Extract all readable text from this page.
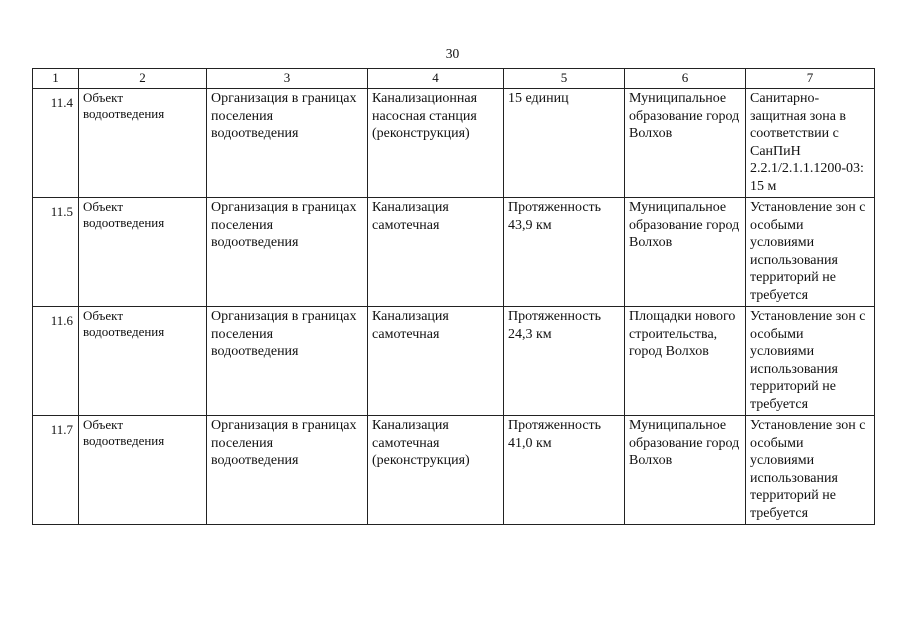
30
1	2	3	4	5	6	7
11.4	Объект водоотведения	Организация в границах поселения водоотведения	Канализационная насосная станция (реконструкция)	15 единиц	Муниципальное образование город Волхов	Санитарно-защитная зона в соответствии с СанПиН 2.2.1/2.1.1.1200-03: 15 м
11.5	Объект водоотведения	Организация в границах поселения водоотведения	Канализация самотечная	Протяженность 43,9 км	Муниципальное образование город Волхов	Установление зон с особыми условиями использования территорий не требуется
11.6	Объект водоотведения	Организация в границах поселения водоотведения	Канализация самотечная	Протяженность 24,3 км	Площадки нового строительства, город Волхов	Установление зон с особыми условиями использования территорий не требуется
11.7	Объект водоотведения	Организация в границах поселения водоотведения	Канализация самотечная (реконструкция)	Протяженность 41,0 км	Муниципальное образование город Волхов	Установление зон с особыми условиями использования территорий не требуется
